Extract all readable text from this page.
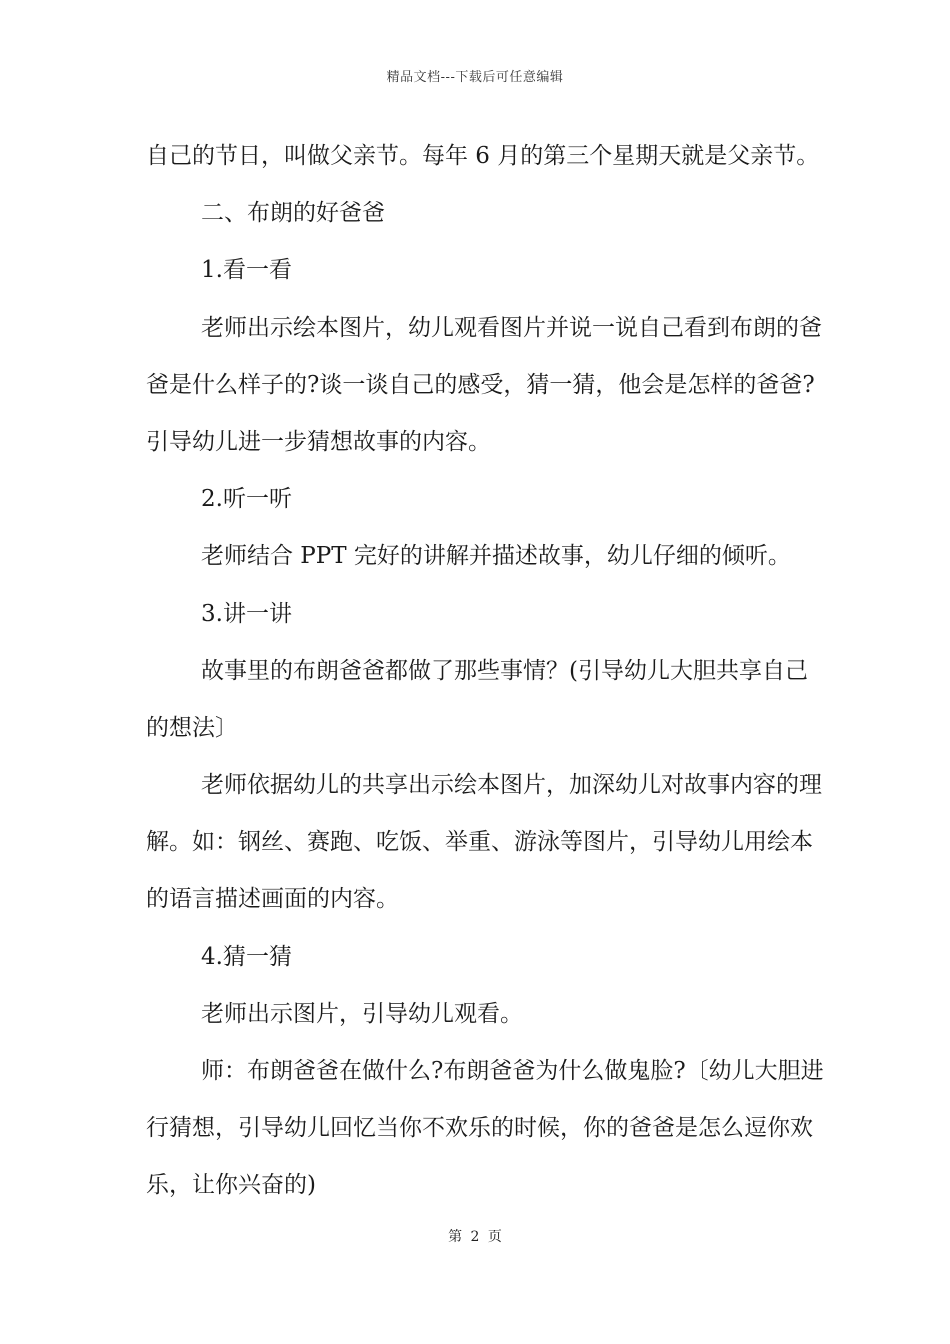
精品文档---下载后可任意编辑
自己的节日，叫做父亲节。每年 6 月的第三个星期天就是父亲节。
二、布朗的好爸爸
1.看一看
老师出示绘本图片，幼儿观看图片并说一说自己看到布朗的爸
爸是什么样子的?谈一谈自己的感受，猜一猜，他会是怎样的爸爸?
引导幼儿进一步猜想故事的内容。
2.听一听
老师结合 PPT 完好的讲解并描述故事，幼儿仔细的倾听。
3.讲一讲
故事里的布朗爸爸都做了那些事情？(引导幼儿大胆共享自己
的想法〕
老师依据幼儿的共享出示绘本图片，加深幼儿对故事内容的理
解。如：钢丝、赛跑、吃饭、举重、游泳等图片，引导幼儿用绘本
的语言描述画面的内容。
4.猜一猜
老师出示图片，引导幼儿观看。
师：布朗爸爸在做什么?布朗爸爸为什么做鬼脸?〔幼儿大胆进
行猜想，引导幼儿回忆当你不欢乐的时候，你的爸爸是怎么逗你欢
乐，让你兴奋的)
第 2 页
